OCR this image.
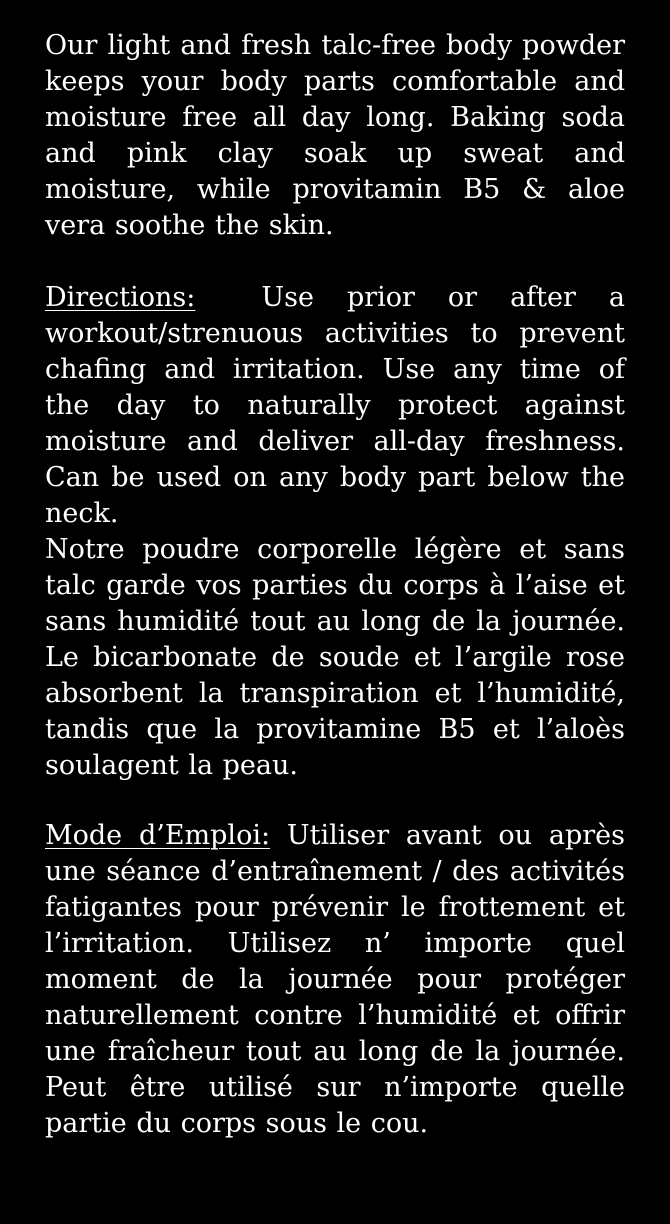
Our light and fresh talc-free body powder keeps your body parts comfortable and moisture free all day long. Baking soda and pink clay soak up sweat and moisture, while provitamin B5 & aloe vera soothe the skin.

Directions: Use prior or after a workout/strenuous activities to prevent chafing and irritation. Use any time of the day to naturally protect against moisture and deliver all-day freshness. Can be used on any body part below the neck.

Notre poudre corporelle légère et sans talc garde vos parties du corps à l’aise et sans humidité tout au long de la journée. Le bicarbonate de soude et l’argile rose absorbent la transpiration et l’humidité, tandis que la provitamine B5 et l’aloès soulagent la peau.

Mode d’Emploi: Utiliser avant ou après une séance d’entraînement / des activités fatigantes pour prévenir le frottement et l’irritation. Utilisez n’ importe quel moment de la journée pour protéger naturellement contre l’humidité et offrir une fraîcheur tout au long de la journée. Peut être utilisé sur n’importe quelle partie du corps sous le cou.
